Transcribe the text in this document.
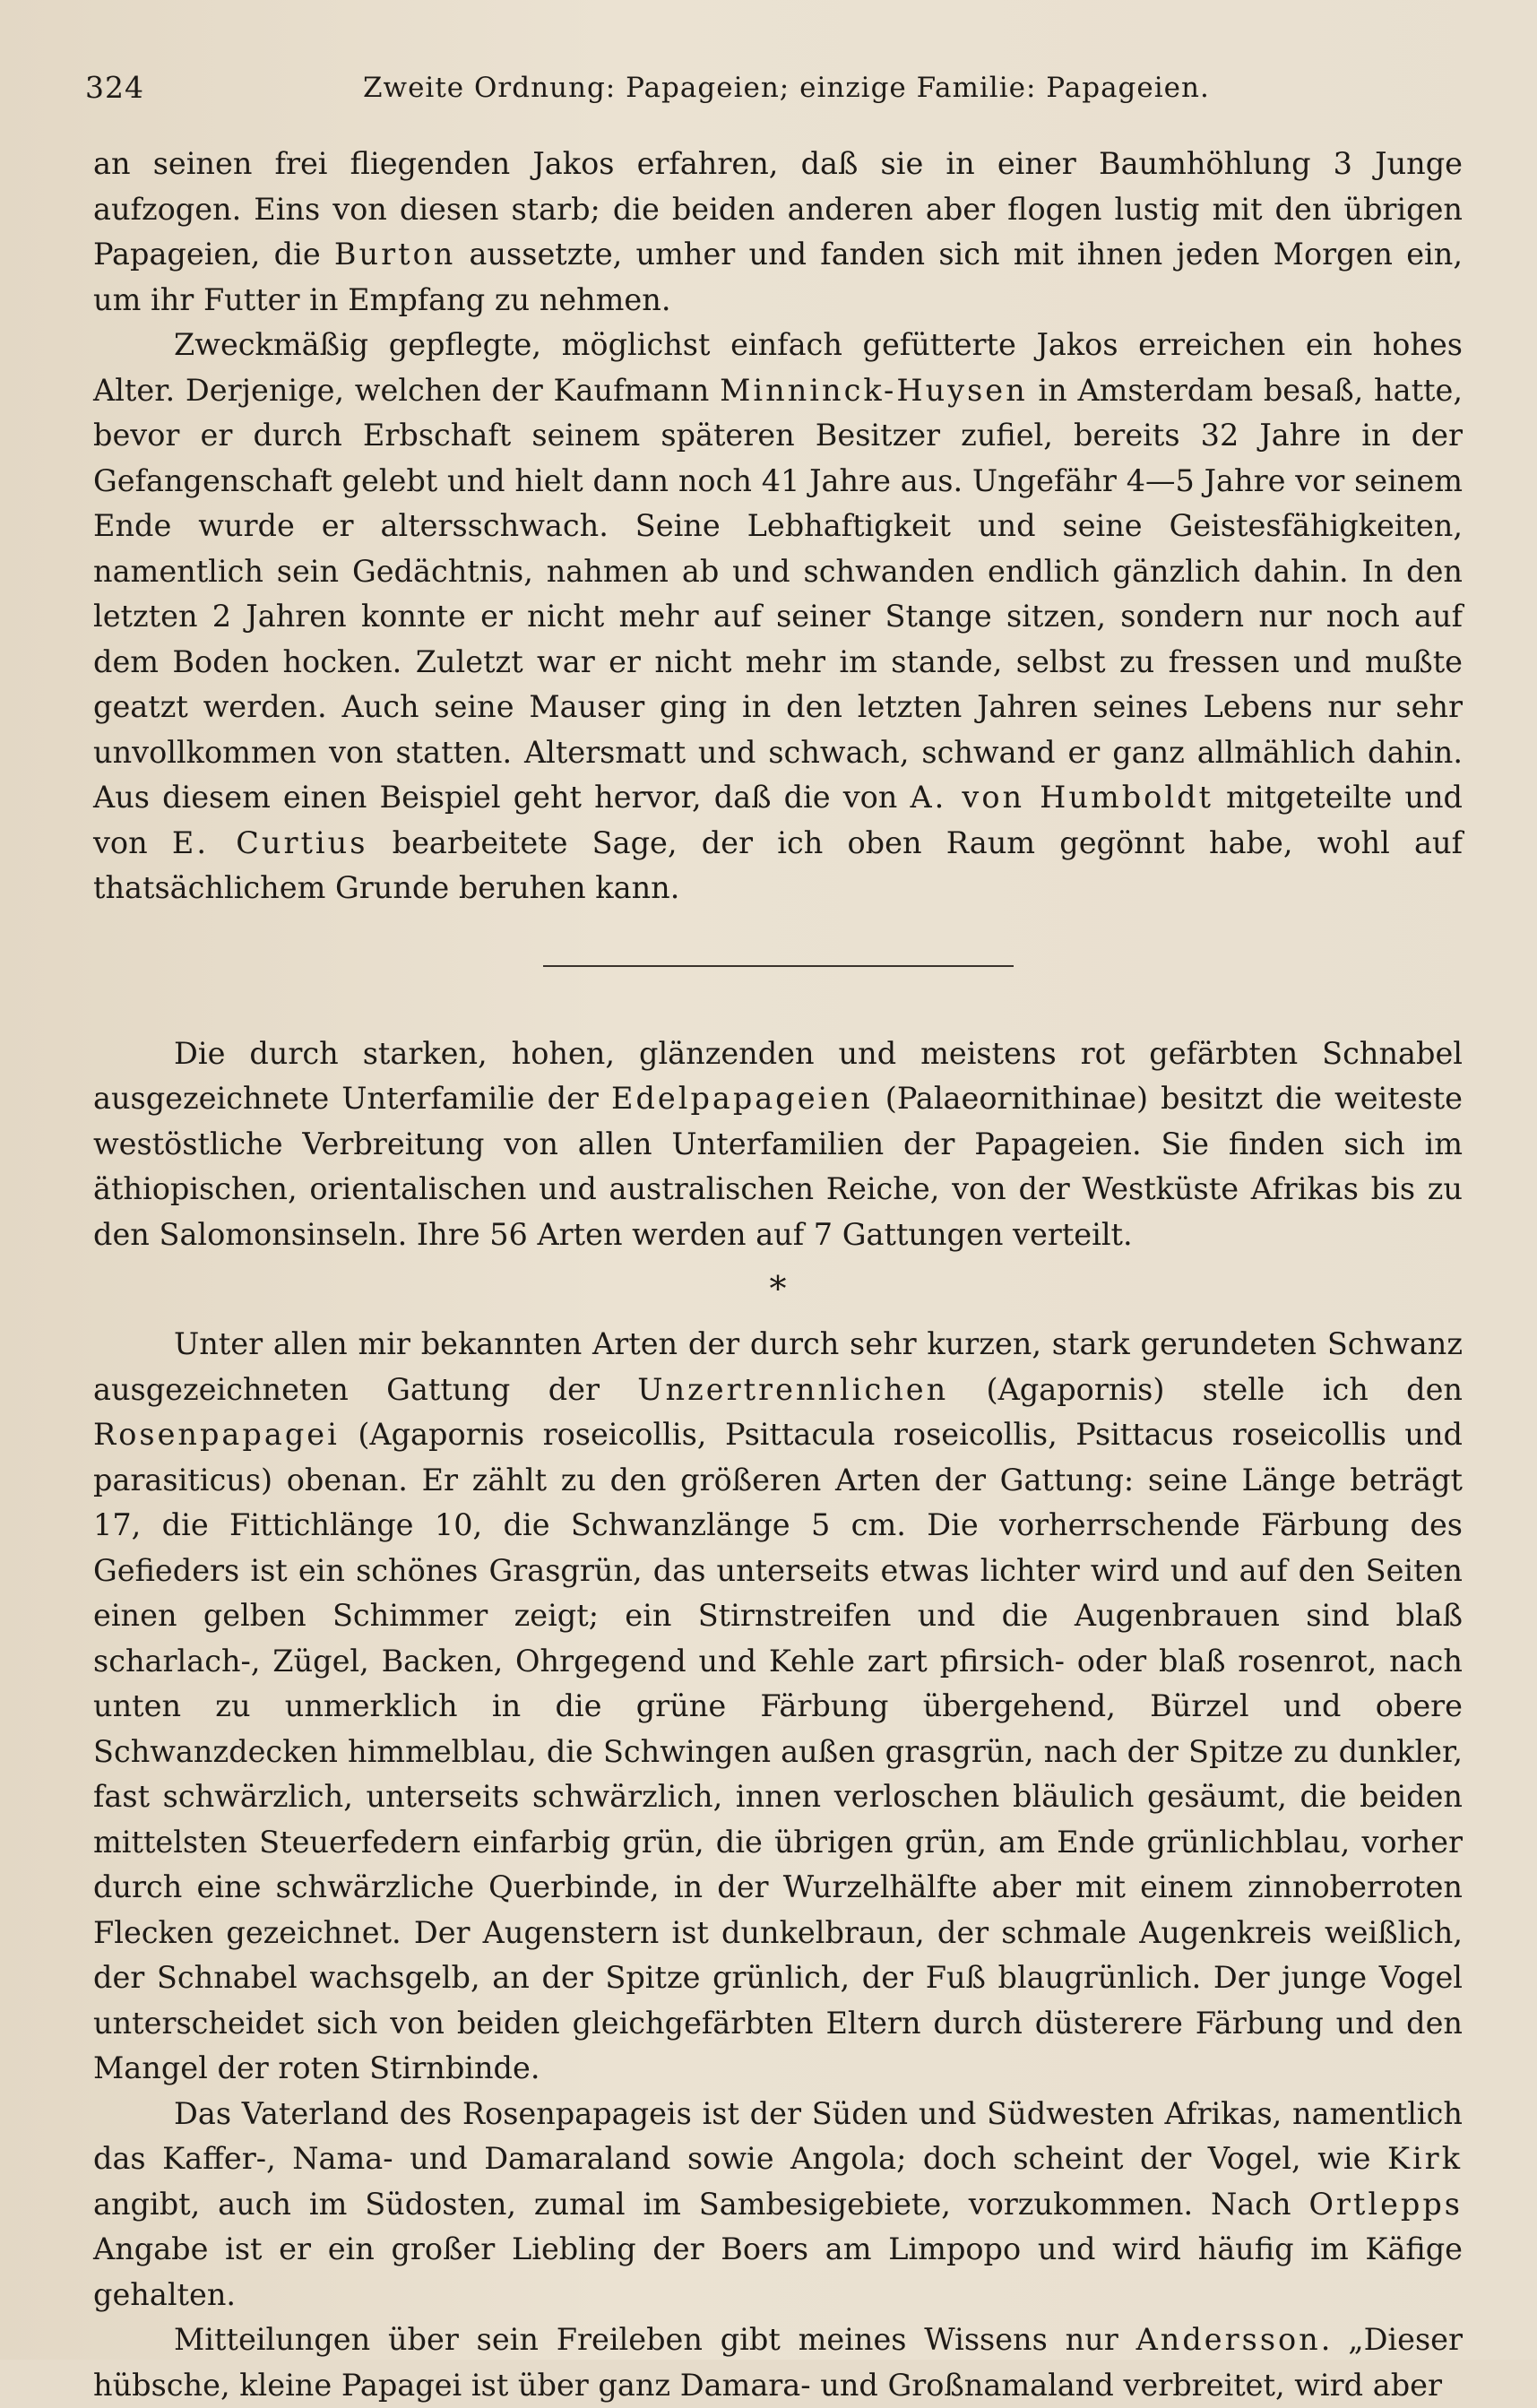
324	Zweite Ordnung: Papageien; einzige Familie: Papageien.

an seinen frei fliegenden Jakos erfahren, daß sie in einer Baumhöhlung 3 Junge aufzogen. Eins von diesen starb; die beiden anderen aber flogen lustig mit den übrigen Papageien, die Burton aussetzte, umher und fanden sich mit ihnen jeden Morgen ein, um ihr Futter in Empfang zu nehmen.

Zweckmäßig gepflegte, möglichst einfach gefütterte Jakos erreichen ein hohes Alter. Derjenige, welchen der Kaufmann Minninck-Huysen in Amsterdam besaß, hatte, bevor er durch Erbschaft seinem späteren Besitzer zufiel, bereits 32 Jahre in der Gefangenschaft gelebt und hielt dann noch 41 Jahre aus. Ungefähr 4—5 Jahre vor seinem Ende wurde er altersschwach. Seine Lebhaftigkeit und seine Geistesfähigkeiten, namentlich sein Gedächtnis, nahmen ab und schwanden endlich gänzlich dahin. In den letzten 2 Jahren konnte er nicht mehr auf seiner Stange sitzen, sondern nur noch auf dem Boden hocken. Zuletzt war er nicht mehr im stande, selbst zu fressen und mußte geatzt werden. Auch seine Mauser ging in den letzten Jahren seines Lebens nur sehr unvollkommen von statten. Altersmatt und schwach, schwand er ganz allmählich dahin. Aus diesem einen Beispiel geht hervor, daß die von A. von Humboldt mitgeteilte und von E. Curtius bearbeitete Sage, der ich oben Raum gegönnt habe, wohl auf thatsächlichem Grunde beruhen kann.

Die durch starken, hohen, glänzenden und meistens rot gefärbten Schnabel ausgezeichnete Unterfamilie der Edelpapageien (Palaeornithinae) besitzt die weiteste westöstliche Verbreitung von allen Unterfamilien der Papageien. Sie finden sich im äthiopischen, orientalischen und australischen Reiche, von der Westküste Afrikas bis zu den Salomonsinseln. Ihre 56 Arten werden auf 7 Gattungen verteilt.

*

Unter allen mir bekannten Arten der durch sehr kurzen, stark gerundeten Schwanz ausgezeichneten Gattung der Unzertrennlichen (Agapornis) stelle ich den Rosenpapagei (Agapornis roseicollis, Psittacula roseicollis, Psittacus roseicollis und parasiticus) obenan. Er zählt zu den größeren Arten der Gattung: seine Länge beträgt 17, die Fittichlänge 10, die Schwanzlänge 5 cm. Die vorherrschende Färbung des Gefieders ist ein schönes Grasgrün, das unterseits etwas lichter wird und auf den Seiten einen gelben Schimmer zeigt; ein Stirnstreifen und die Augenbrauen sind blaß scharlach-, Zügel, Backen, Ohrgegend und Kehle zart pfirsich- oder blaß rosenrot, nach unten zu unmerklich in die grüne Färbung übergehend, Bürzel und obere Schwanzdecken himmelblau, die Schwingen außen grasgrün, nach der Spitze zu dunkler, fast schwärzlich, unterseits schwärzlich, innen verloschen bläulich gesäumt, die beiden mittelsten Steuerfedern einfarbig grün, die übrigen grün, am Ende grünlichblau, vorher durch eine schwärzliche Querbinde, in der Wurzelhälfte aber mit einem zinnoberroten Flecken gezeichnet. Der Augenstern ist dunkelbraun, der schmale Augenkreis weißlich, der Schnabel wachsgelb, an der Spitze grünlich, der Fuß blaugrünlich. Der junge Vogel unterscheidet sich von beiden gleichgefärbten Eltern durch düsterere Färbung und den Mangel der roten Stirnbinde.

Das Vaterland des Rosenpapageis ist der Süden und Südwesten Afrikas, namentlich das Kaffer-, Nama- und Damaraland sowie Angola; doch scheint der Vogel, wie Kirk angibt, auch im Südosten, zumal im Sambesigebiete, vorzukommen. Nach Ortlepps Angabe ist er ein großer Liebling der Boers am Limpopo und wird häufig im Käfige gehalten.

Mitteilungen über sein Freileben gibt meines Wissens nur Andersson. „Dieser hübsche, kleine Papagei ist über ganz Damara- und Großnamaland verbreitet, wird aber
